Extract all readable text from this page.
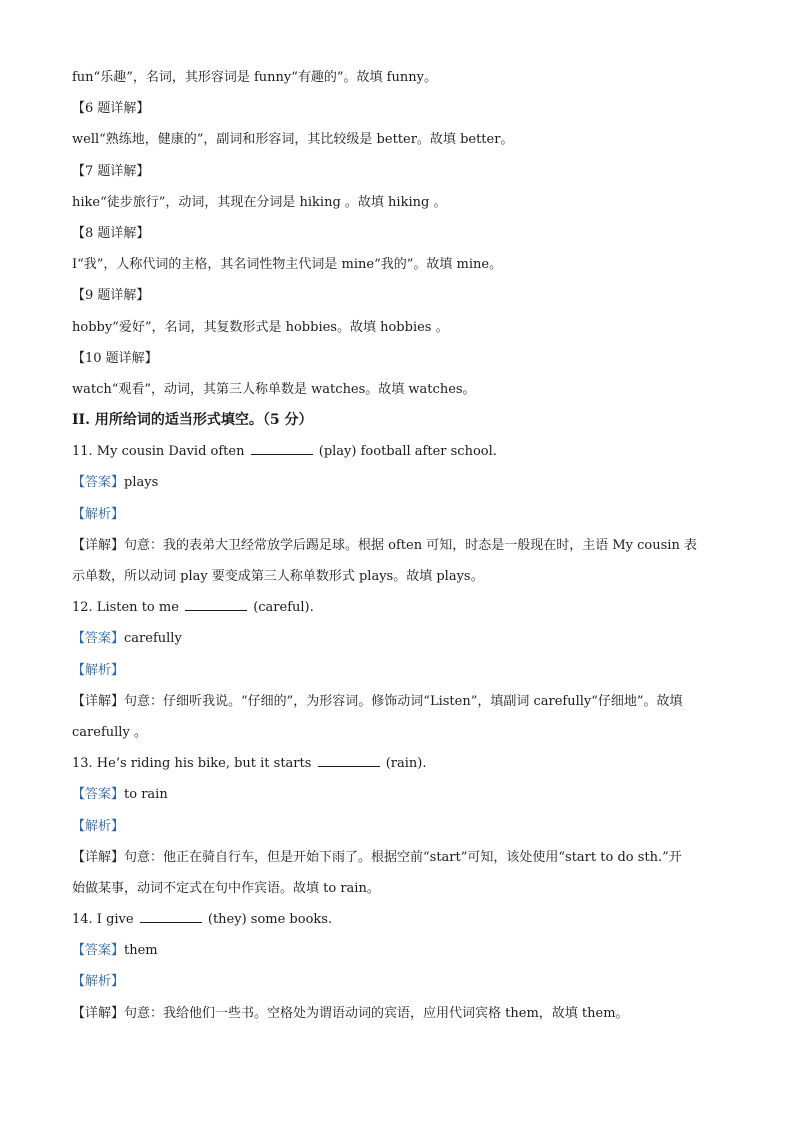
fun“乐趣”，名词，其形容词是 funny“有趣的”。故填 funny。
【6 题详解】
well“熟练地，健康的”，副词和形容词，其比较级是 better。故填 better。
【7 题详解】
hike“徒步旅行”，动词，其现在分词是 hiking 。故填 hiking 。
【8 题详解】
I“我”，人称代词的主格，其名词性物主代词是 mine“我的”。故填 mine。
【9 题详解】
hobby“爱好”，名词，其复数形式是 hobbies。故填 hobbies 。
【10 题详解】
watch“观看”，动词，其第三人称单数是 watches。故填 watches。
II. 用所给词的适当形式填空。（5 分）
11. My cousin David often	(play) football after school.
【答案】plays
【解析】
【详解】句意：我的表弟大卫经常放学后踢足球。根据 often 可知，时态是一般现在时，主语 My cousin 表
示单数，所以动词 play 要变成第三人称单数形式 plays。故填 plays。
12. Listen to me	(careful).
【答案】carefully
【解析】
【详解】句意：仔细听我说。“仔细的”，为形容词。修饰动词“Listen”，填副词 carefully“仔细地”。故填
carefully 。
13. He’s riding his bike, but it starts	(rain).
【答案】to rain
【解析】
【详解】句意：他正在骑自行车，但是开始下雨了。根据空前“start”可知，该处使用“start to do sth.”开
始做某事，动词不定式在句中作宾语。故填 to rain。
14. I give	(they) some books.
【答案】them
【解析】
【详解】句意：我给他们一些书。空格处为谓语动词的宾语，应用代词宾格 them，故填 them。
